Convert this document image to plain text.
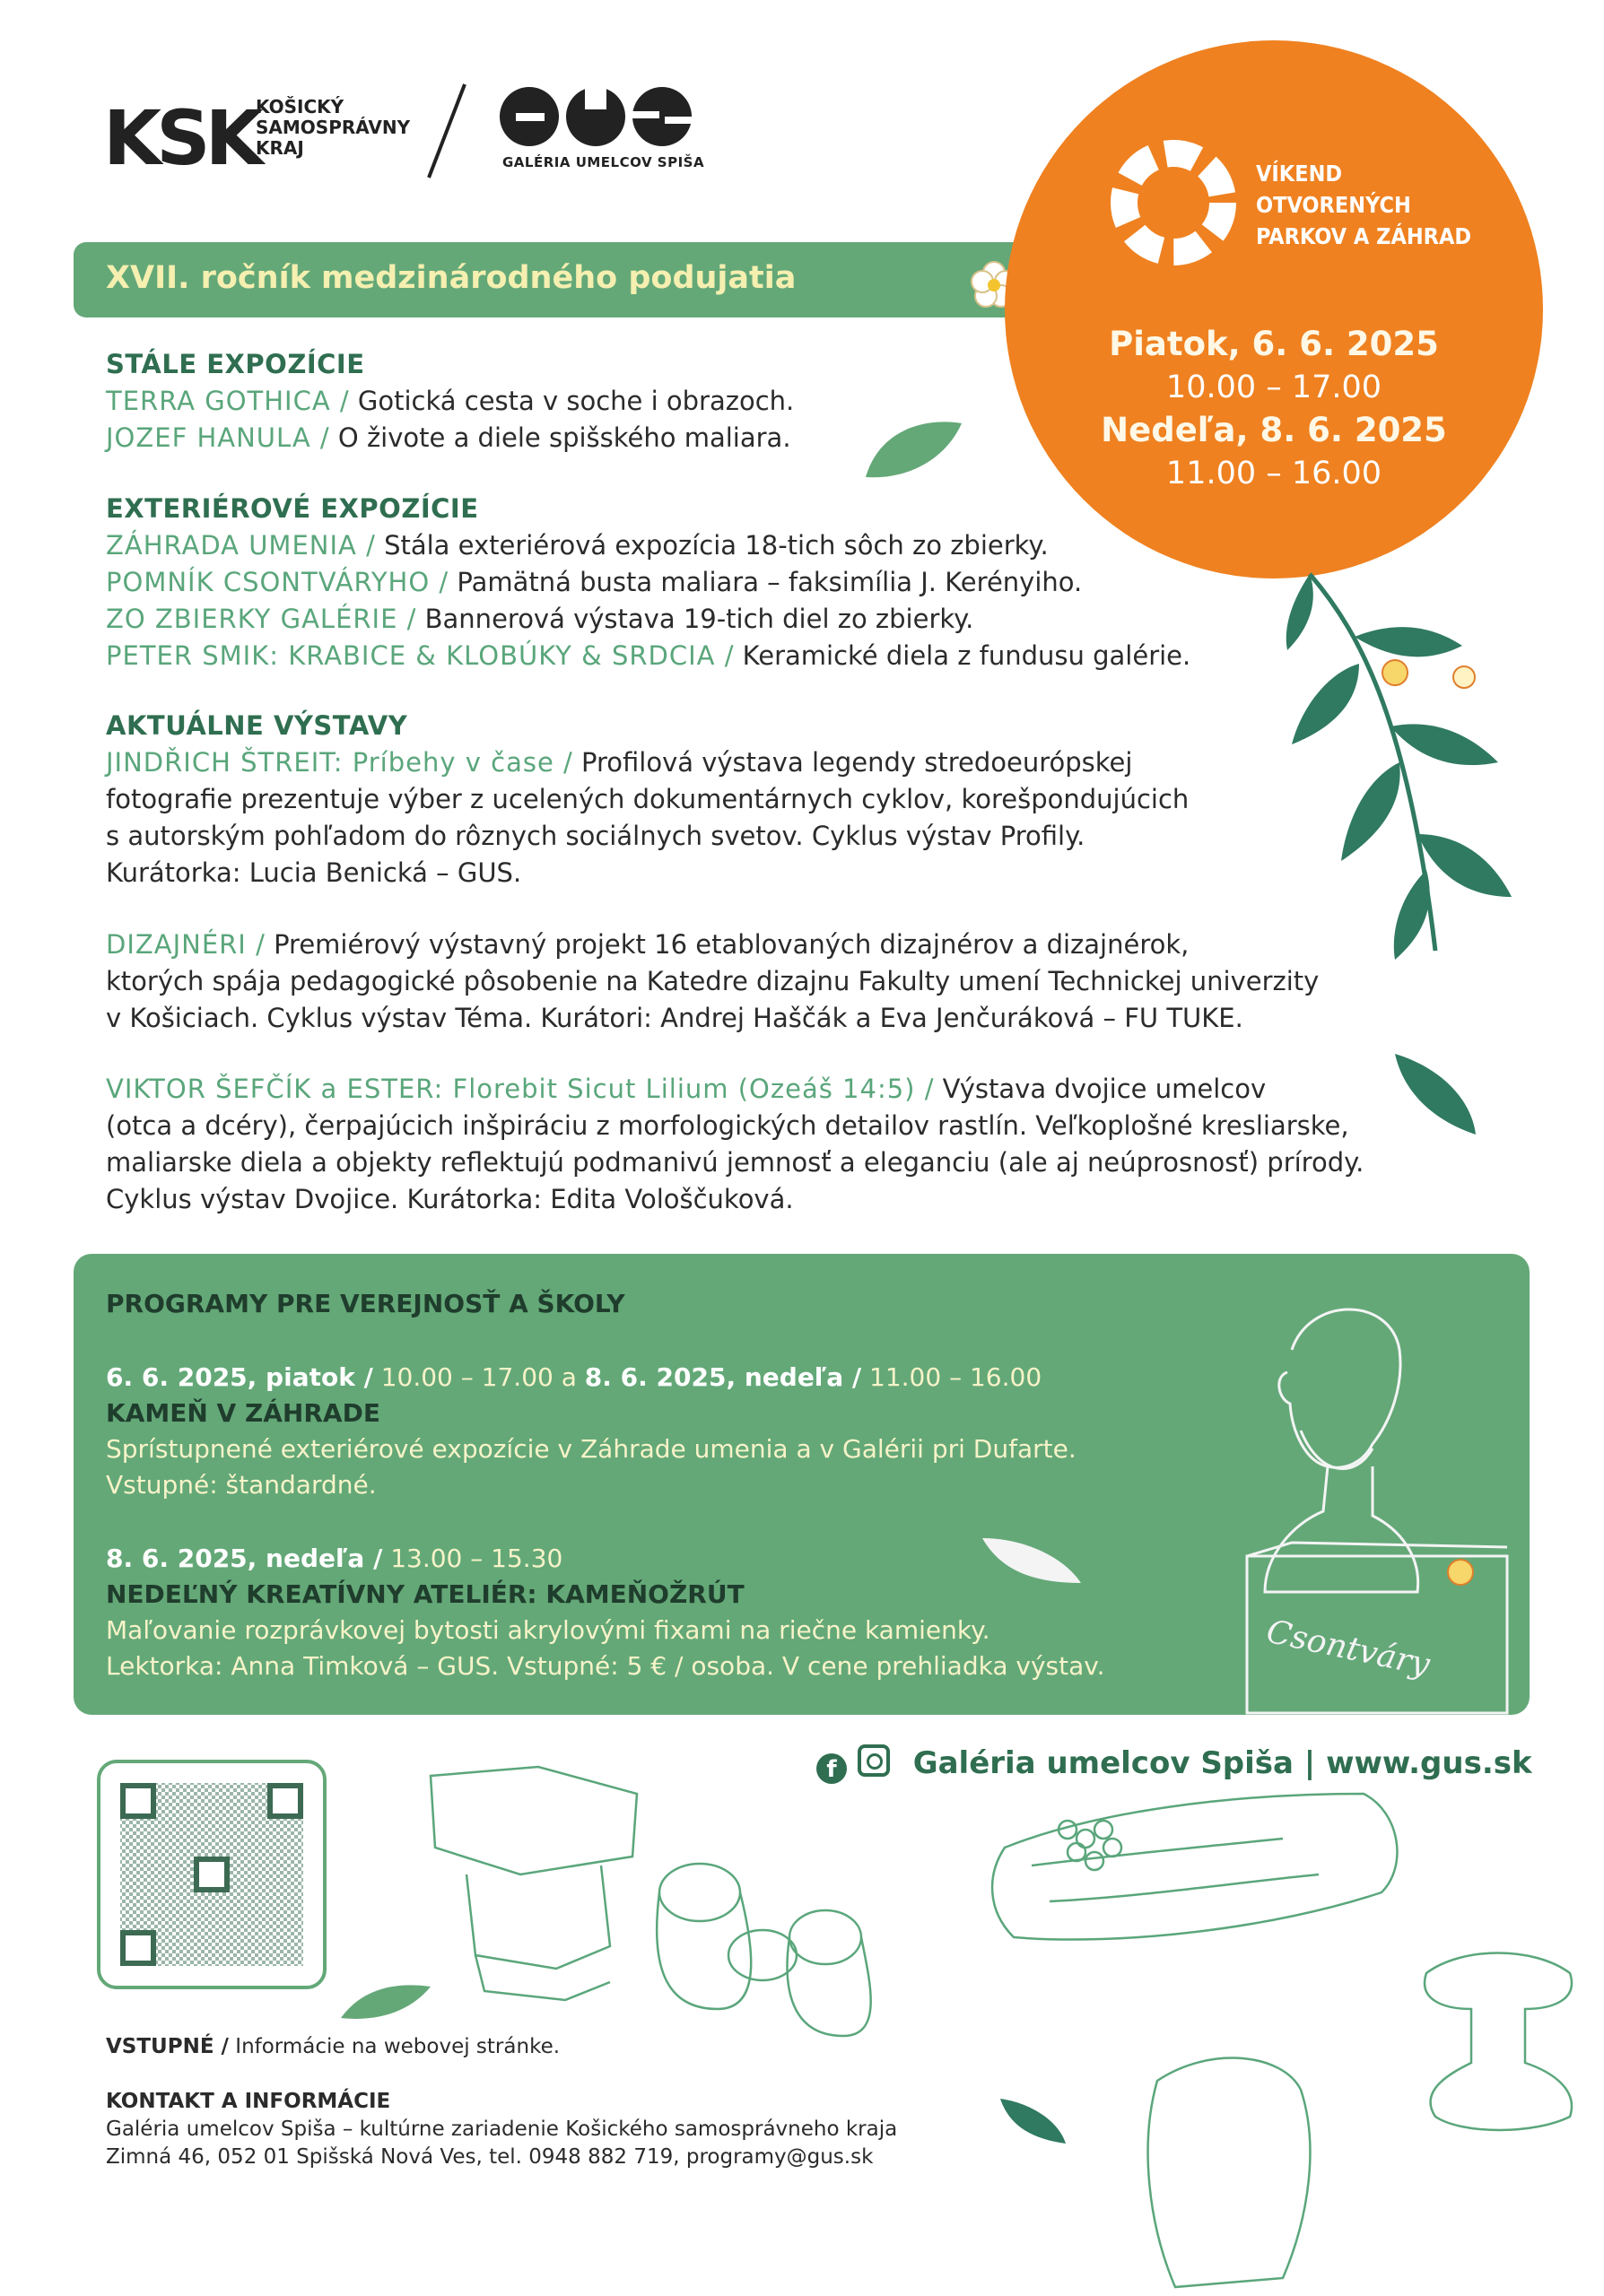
KSK
KOŠICKÝ
SAMOSPRÁVNY
KRAJ
GALÉRIA UMELCOV SPIŠA
XVII. ročník medzinárodného podujatia
VÍKEND
OTVORENÝCH
PARKOV A ZÁHRAD
Piatok, 6. 6. 2025
10.00 – 17.00
Nedeľa, 8. 6. 2025
11.00 – 16.00
STÁLE EXPOZÍCIE
TERRA GOTHICA / Gotická cesta v soche i obrazoch.
JOZEF HANULA / O živote a diele spišského maliara.
EXTERIÉROVÉ EXPOZÍCIE
ZÁHRADA UMENIA / Stála exteriérová expozícia 18-tich sôch zo zbierky.
POMNÍK CSONTVÁRYHO / Pamätná busta maliara – faksimília J. Kerényiho.
ZO ZBIERKY GALÉRIE / Bannerová výstava 19-tich diel zo zbierky.
PETER SMIK: KRABICE & KLOBÚKY & SRDCIA / Keramické diela z fundusu galérie.
AKTUÁLNE VÝSTAVY
JINDŘICH ŠTREIT: Príbehy v čase / Profilová výstava legendy stredoeurópskej
fotografie prezentuje výber z ucelených dokumentárnych cyklov, korešpondujúcich
s autorským pohľadom do rôznych sociálnych svetov. Cyklus výstav Profily.
Kurátorka: Lucia Benická – GUS.
DIZAJNÉRI / Premiérový výstavný projekt 16 etablovaných dizajnérov a dizajnérok,
ktorých spája pedagogické pôsobenie na Katedre dizajnu Fakulty umení Technickej univerzity
v Košiciach. Cyklus výstav Téma. Kurátori: Andrej Haščák a Eva Jenčuráková – FU TUKE.
VIKTOR ŠEFČÍK a ESTER: Florebit Sicut Lilium (Ozeáš 14:5) / Výstava dvojice umelcov
(otca a dcéry), čerpajúcich inšpiráciu z morfologických detailov rastlín. Veľkoplošné kresliarske,
maliarske diela a objekty reflektujú podmanivú jemnosť a eleganciu (ale aj neúprosnosť) prírody.
Cyklus výstav Dvojice. Kurátorka: Edita Vološčuková.
PROGRAMY PRE VEREJNOSŤ A ŠKOLY
6. 6. 2025, piatok / 10.00 – 17.00 a 8. 6. 2025, nedeľa / 11.00 – 16.00
KAMEŇ V ZÁHRADE
Sprístupnené exteriérové expozície v Záhrade umenia a v Galérii pri Dufarte.
Vstupné: štandardné.
8. 6. 2025, nedeľa / 13.00 – 15.30
NEDEĽNÝ KREATÍVNY ATELIÉR: KAMEŇOŽRÚT
Maľovanie rozprávkovej bytosti akrylovými fixami na riečne kamienky.
Lektorka: Anna Timková – GUS. Vstupné: 5 € / osoba. V cene prehliadka výstav.	Csontváry
f	Galéria umelcov Spiša | www.gus.sk
VSTUPNÉ / Informácie na webovej stránke.
KONTAKT A INFORMÁCIE
Galéria umelcov Spiša – kultúrne zariadenie Košického samosprávneho kraja
Zimná 46, 052 01 Spišská Nová Ves, tel. 0948 882 719, programy@gus.sk
